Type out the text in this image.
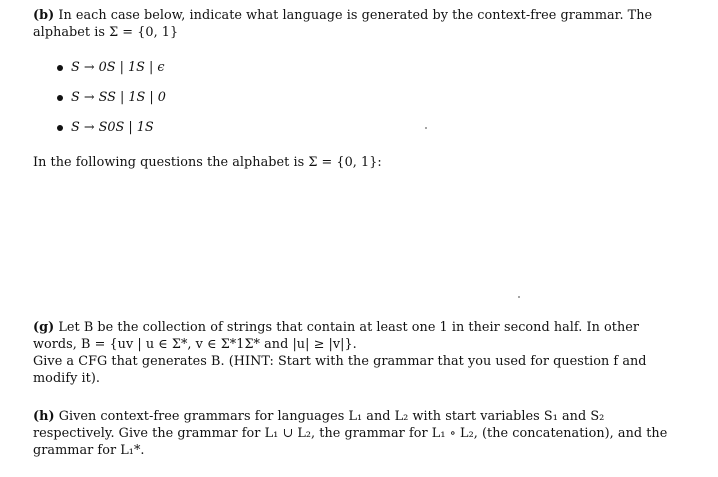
(b) In each case below, indicate what language is generated by the context-free grammar. The alphabet is Σ = {0, 1}

S → 0S | 1S | ϵ
S → SS | 1S | 0
S → S0S | 1S

In the following questions the alphabet is Σ = {0, 1}:

(g) Let B be the collection of strings that contain at least one 1 in their second half. In other words, B = {uv | u ∈ Σ*, v ∈ Σ*1Σ* and |u| ≥ |v|}.

Give a CFG that generates B. (HINT: Start with the grammar that you used for question f and modify it).

(h) Given context-free grammars for languages L₁ and L₂ with start variables S₁ and S₂ respectively. Give the grammar for L₁ ∪ L₂, the grammar for L₁ ∘ L₂, (the concatenation), and the grammar for L₁*.
